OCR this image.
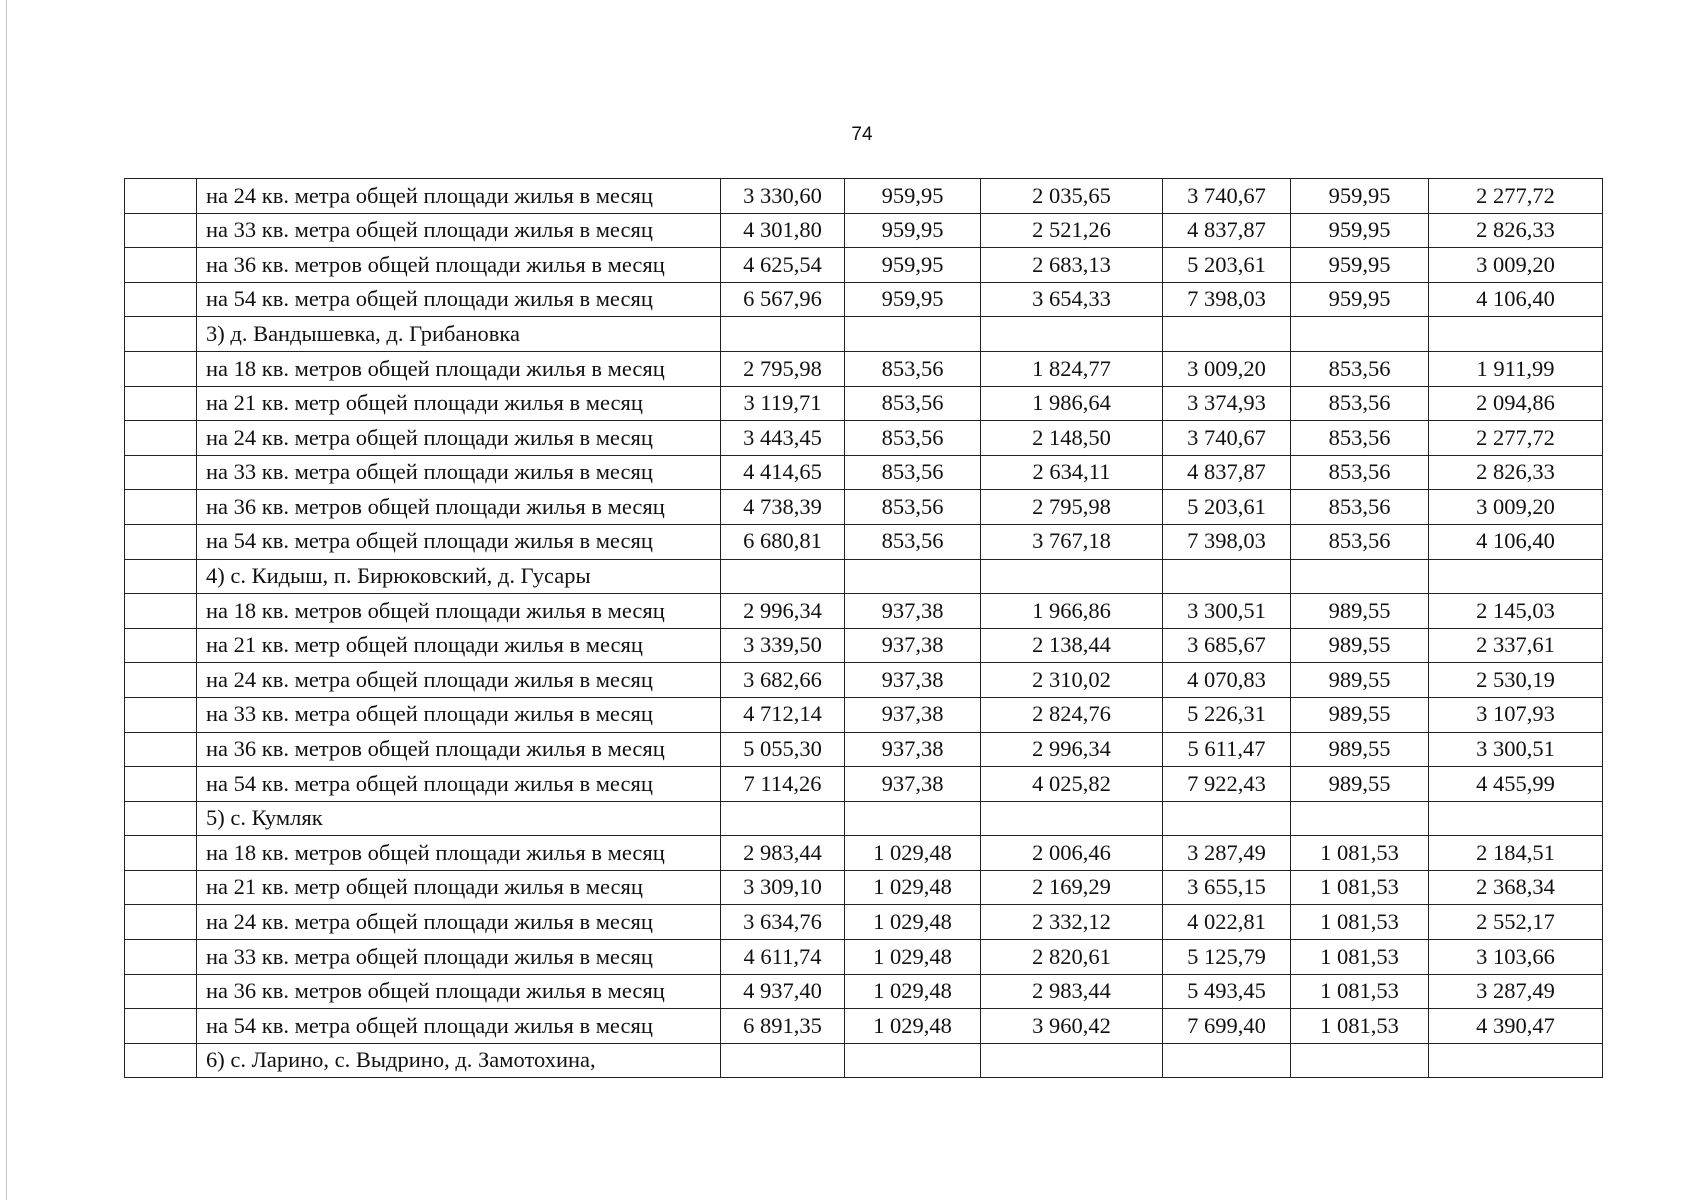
74
	на 24 кв. метра общей площади жилья в месяц	3 330,60	959,95	2 035,65	3 740,67	959,95	2 277,72
	на 33 кв. метра общей площади жилья в месяц	4 301,80	959,95	2 521,26	4 837,87	959,95	2 826,33
	на 36 кв. метров общей площади жилья в месяц	4 625,54	959,95	2 683,13	5 203,61	959,95	3 009,20
	на 54 кв. метра общей площади жилья в месяц	6 567,96	959,95	3 654,33	7 398,03	959,95	4 106,40
	3) д. Вандышевка, д. Грибановка						
	на 18 кв. метров общей площади жилья в месяц	2 795,98	853,56	1 824,77	3 009,20	853,56	1 911,99
	на 21 кв. метр общей площади жилья в месяц	3 119,71	853,56	1 986,64	3 374,93	853,56	2 094,86
	на 24 кв. метра общей площади жилья в месяц	3 443,45	853,56	2 148,50	3 740,67	853,56	2 277,72
	на 33 кв. метра общей площади жилья в месяц	4 414,65	853,56	2 634,11	4 837,87	853,56	2 826,33
	на 36 кв. метров общей площади жилья в месяц	4 738,39	853,56	2 795,98	5 203,61	853,56	3 009,20
	на 54 кв. метра общей площади жилья в месяц	6 680,81	853,56	3 767,18	7 398,03	853,56	4 106,40
	4) с. Кидыш, п. Бирюковский, д. Гусары						
	на 18 кв. метров общей площади жилья в месяц	2 996,34	937,38	1 966,86	3 300,51	989,55	2 145,03
	на 21 кв. метр общей площади жилья в месяц	3 339,50	937,38	2 138,44	3 685,67	989,55	2 337,61
	на 24 кв. метра общей площади жилья в месяц	3 682,66	937,38	2 310,02	4 070,83	989,55	2 530,19
	на 33 кв. метра общей площади жилья в месяц	4 712,14	937,38	2 824,76	5 226,31	989,55	3 107,93
	на 36 кв. метров общей площади жилья в месяц	5 055,30	937,38	2 996,34	5 611,47	989,55	3 300,51
	на 54 кв. метра общей площади жилья в месяц	7 114,26	937,38	4 025,82	7 922,43	989,55	4 455,99
	5) с. Кумляк						
	на 18 кв. метров общей площади жилья в месяц	2 983,44	1 029,48	2 006,46	3 287,49	1 081,53	2 184,51
	на 21 кв. метр общей площади жилья в месяц	3 309,10	1 029,48	2 169,29	3 655,15	1 081,53	2 368,34
	на 24 кв. метра общей площади жилья в месяц	3 634,76	1 029,48	2 332,12	4 022,81	1 081,53	2 552,17
	на 33 кв. метра общей площади жилья в месяц	4 611,74	1 029,48	2 820,61	5 125,79	1 081,53	3 103,66
	на 36 кв. метров общей площади жилья в месяц	4 937,40	1 029,48	2 983,44	5 493,45	1 081,53	3 287,49
	на 54 кв. метра общей площади жилья в месяц	6 891,35	1 029,48	3 960,42	7 699,40	1 081,53	4 390,47
	6) с. Ларино, с. Выдрино, д. Замотохина,						
